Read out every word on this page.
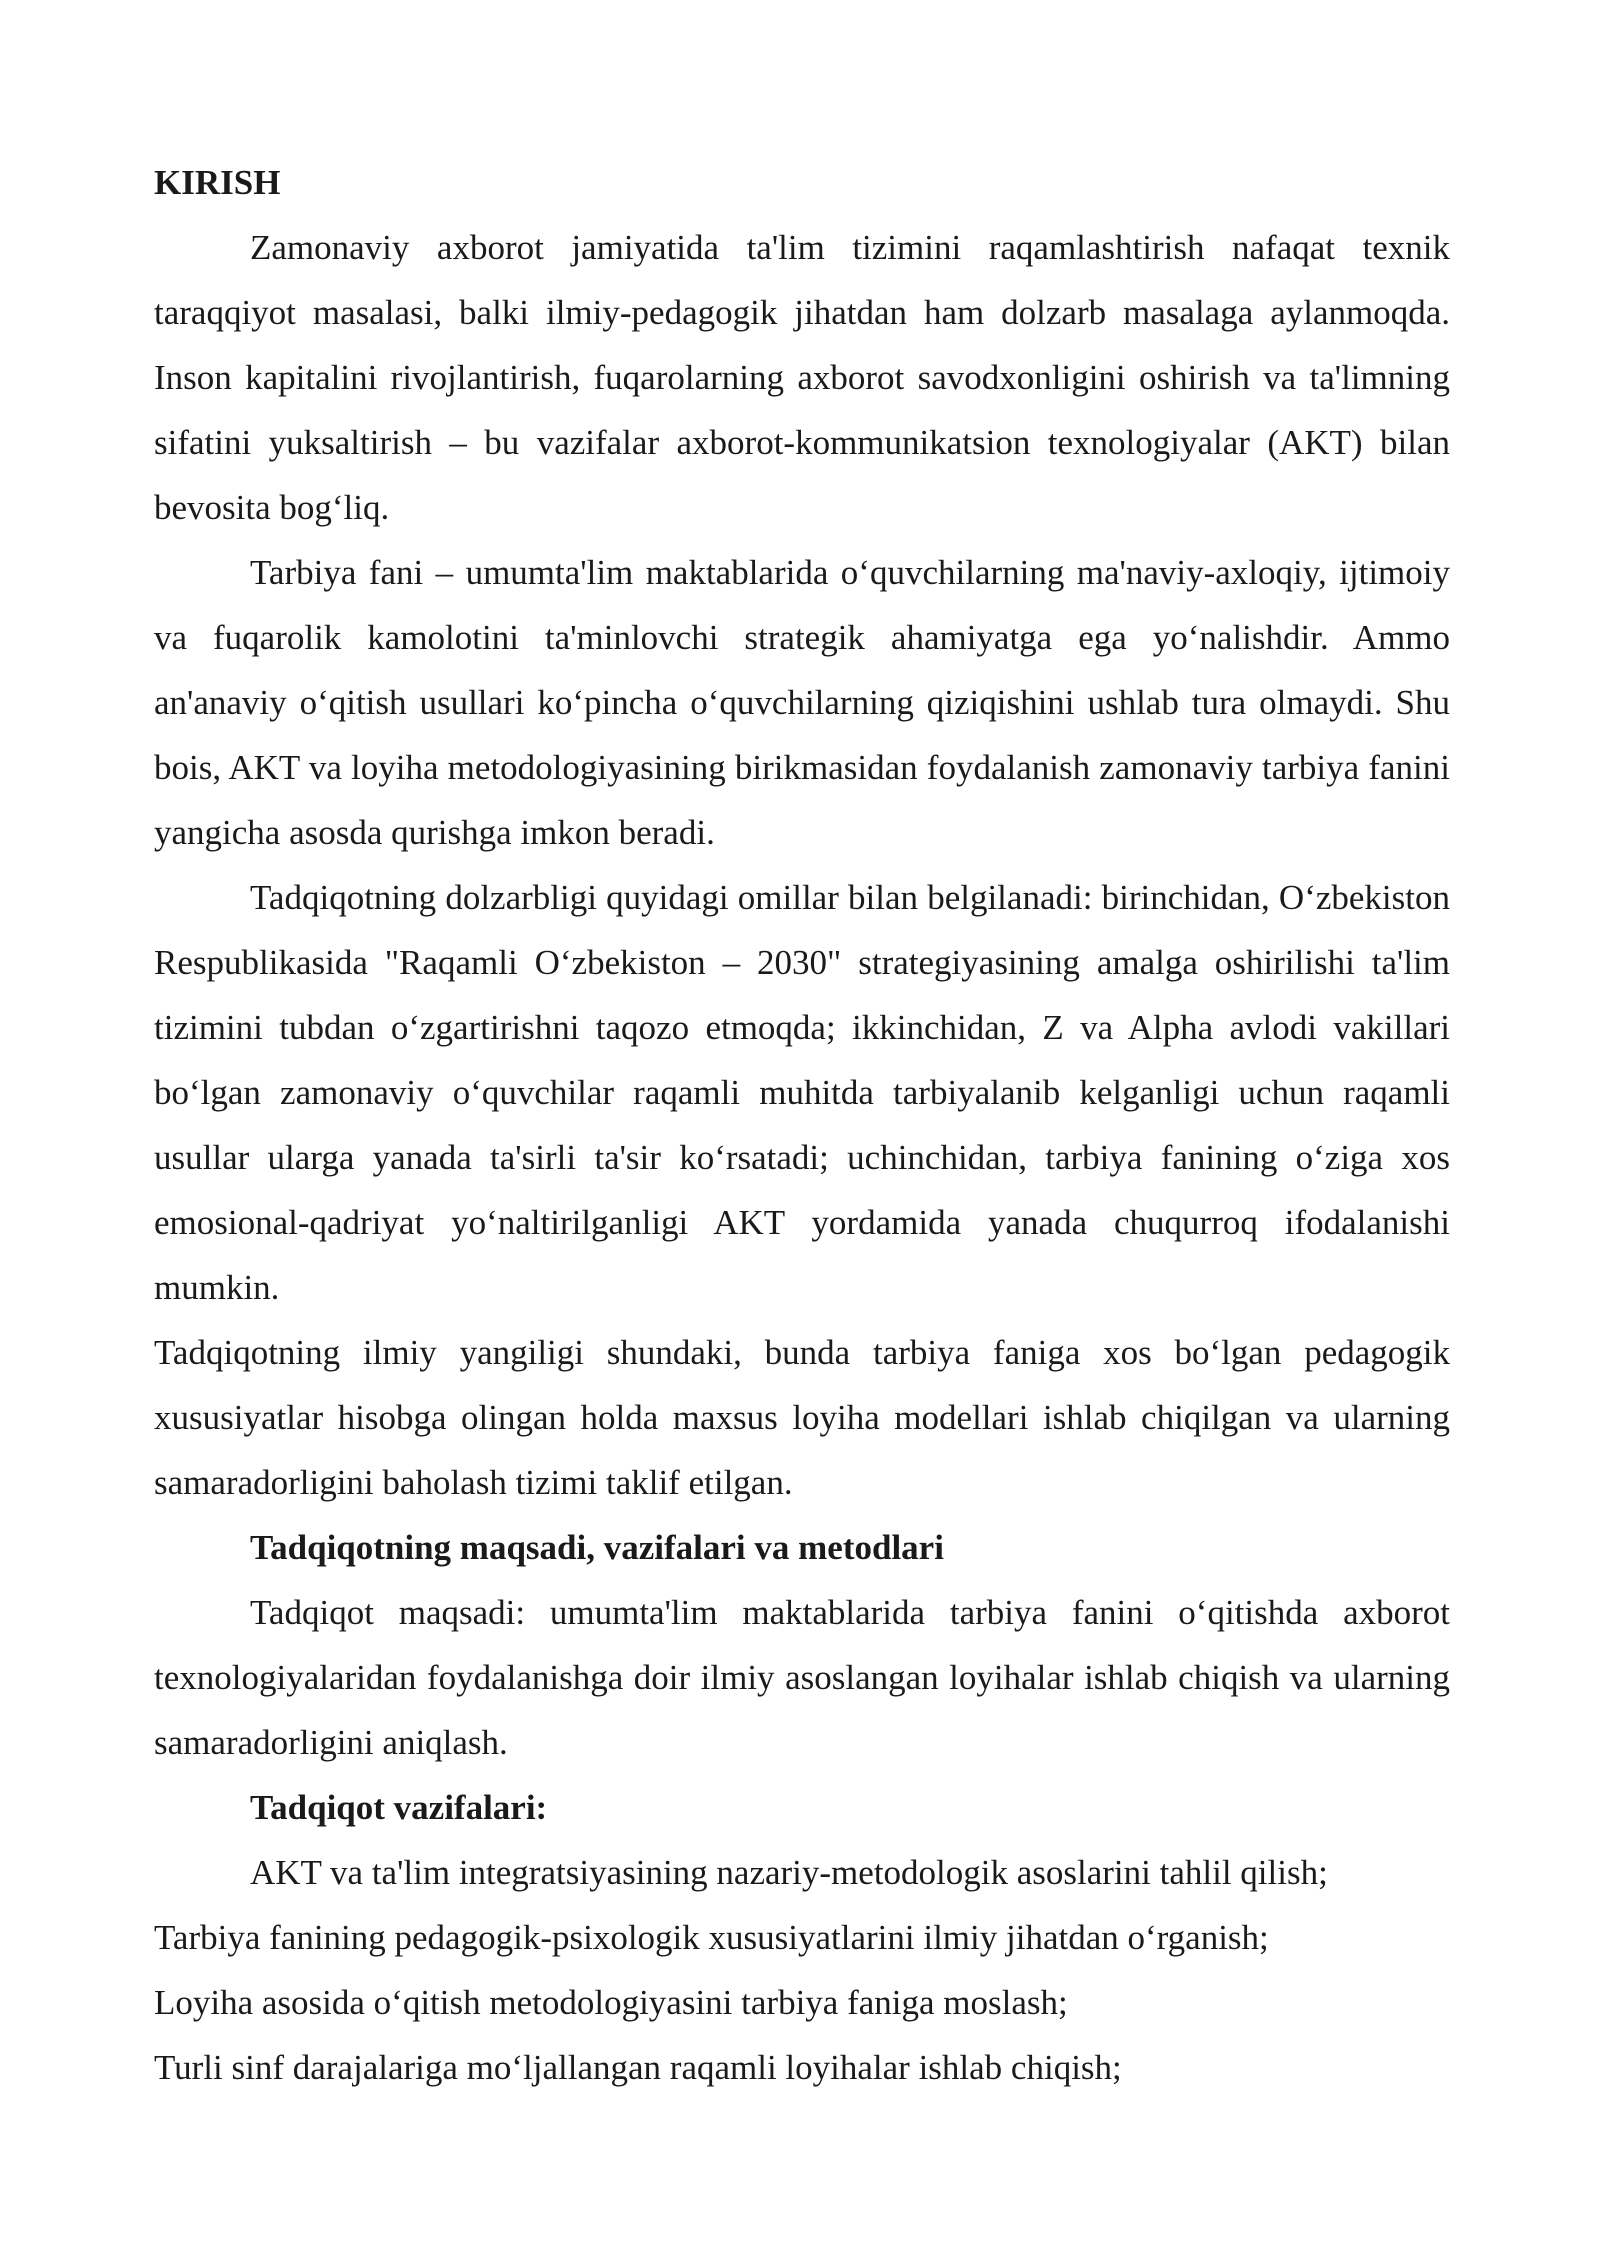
KIRISH

Zamonaviy axborot jamiyatida ta'lim tizimini raqamlashtirish nafaqat texnik taraqqiyot masalasi, balki ilmiy-pedagogik jihatdan ham dolzarb masalaga aylanmoqda. Inson kapitalini rivojlantirish, fuqarolarning axborot savodxonligini oshirish va ta'limning sifatini yuksaltirish – bu vazifalar axborot-kommunikatsion texnologiyalar (AKT) bilan bevosita bog‘liq.

Tarbiya fani – umumta'lim maktablarida o‘quvchilarning ma'naviy-axloqiy, ijtimoiy va fuqarolik kamolotini ta'minlovchi strategik ahamiyatga ega yo‘nalishdir. Ammo an'anaviy o‘qitish usullari ko‘pincha o‘quvchilarning qiziqishini ushlab tura olmaydi. Shu bois, AKT va loyiha metodologiyasining birikmasidan foydalanish zamonaviy tarbiya fanini yangicha asosda qurishga imkon beradi.

Tadqiqotning dolzarbligi quyidagi omillar bilan belgilanadi: birinchidan, O‘zbekiston Respublikasida "Raqamli O‘zbekiston – 2030" strategiyasining amalga oshirilishi ta'lim tizimini tubdan o‘zgartirishni taqozo etmoqda; ikkinchidan, Z va Alpha avlodi vakillari bo‘lgan zamonaviy o‘quvchilar raqamli muhitda tarbiyalanib kelganligi uchun raqamli usullar ularga yanada ta'sirli ta'sir ko‘rsatadi; uchinchidan, tarbiya fanining o‘ziga xos emosional-qadriyat yo‘naltirilganligi AKT yordamida yanada chuqurroq ifodalanishi mumkin.

Tadqiqotning ilmiy yangiligi shundaki, bunda tarbiya faniga xos bo‘lgan pedagogik xususiyatlar hisobga olingan holda maxsus loyiha modellari ishlab chiqilgan va ularning samaradorligini baholash tizimi taklif etilgan.

Tadqiqotning maqsadi, vazifalari va metodlari

Tadqiqot maqsadi: umumta'lim maktablarida tarbiya fanini o‘qitishda axborot texnologiyalaridan foydalanishga doir ilmiy asoslangan loyihalar ishlab chiqish va ularning samaradorligini aniqlash.

Tadqiqot vazifalari:

AKT va ta'lim integratsiyasining nazariy-metodologik asoslarini tahlil qilish;

Tarbiya fanining pedagogik-psixologik xususiyatlarini ilmiy jihatdan o‘rganish;

Loyiha asosida o‘qitish metodologiyasini tarbiya faniga moslash;

Turli sinf darajalariga mo‘ljallangan raqamli loyihalar ishlab chiqish;
